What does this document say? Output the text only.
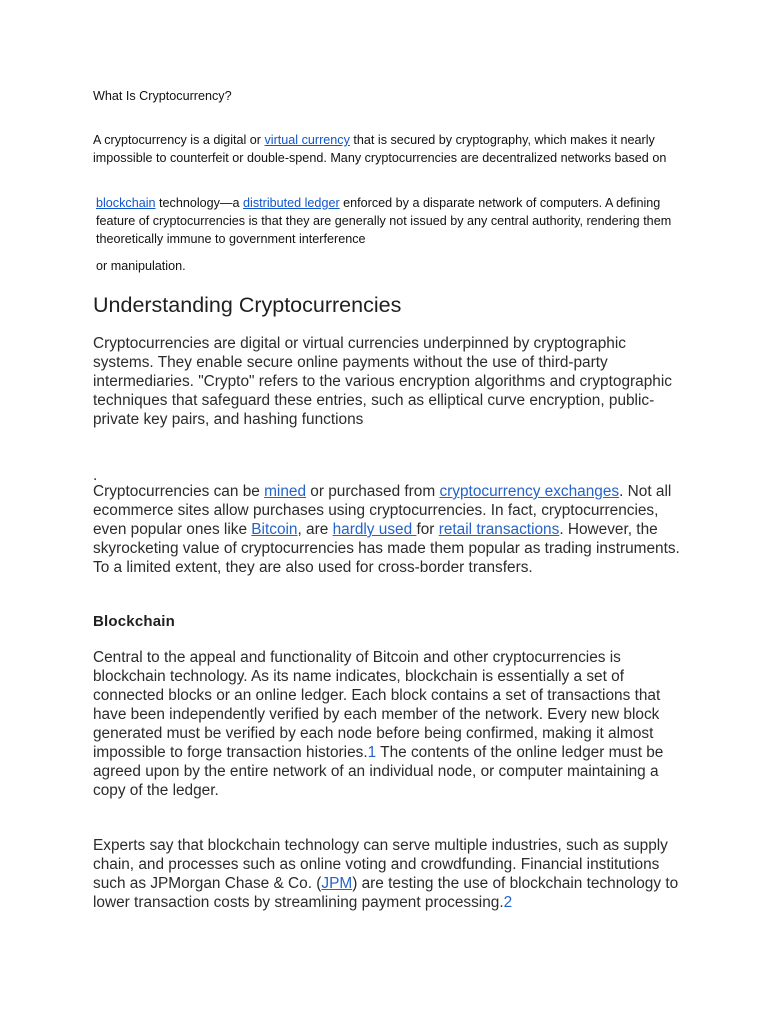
What Is Cryptocurrency?

A cryptocurrency is a digital or virtual currency that is secured by cryptography, which makes it nearly impossible to counterfeit or double-spend. Many cryptocurrencies are decentralized networks based on

blockchain technology—a distributed ledger enforced by a disparate network of computers. A defining feature of cryptocurrencies is that they are generally not issued by any central authority, rendering them theoretically immune to government interference

or manipulation.

Understanding Cryptocurrencies

Cryptocurrencies are digital or virtual currencies underpinned by cryptographic systems. They enable secure online payments without the use of third-party intermediaries. "Crypto" refers to the various encryption algorithms and cryptographic techniques that safeguard these entries, such as elliptical curve encryption, public-private key pairs, and hashing functions

.

Cryptocurrencies can be mined or purchased from cryptocurrency exchanges. Not all ecommerce sites allow purchases using cryptocurrencies. In fact, cryptocurrencies, even popular ones like Bitcoin, are hardly used for retail transactions. However, the skyrocketing value of cryptocurrencies has made them popular as trading instruments. To a limited extent, they are also used for cross-border transfers.

Blockchain

Central to the appeal and functionality of Bitcoin and other cryptocurrencies is blockchain technology. As its name indicates, blockchain is essentially a set of connected blocks or an online ledger. Each block contains a set of transactions that have been independently verified by each member of the network. Every new block generated must be verified by each node before being confirmed, making it almost impossible to forge transaction histories.1 The contents of the online ledger must be agreed upon by the entire network of an individual node, or computer maintaining a copy of the ledger.

Experts say that blockchain technology can serve multiple industries, such as supply chain, and processes such as online voting and crowdfunding. Financial institutions such as JPMorgan Chase & Co. (JPM) are testing the use of blockchain technology to lower transaction costs by streamlining payment processing.2
